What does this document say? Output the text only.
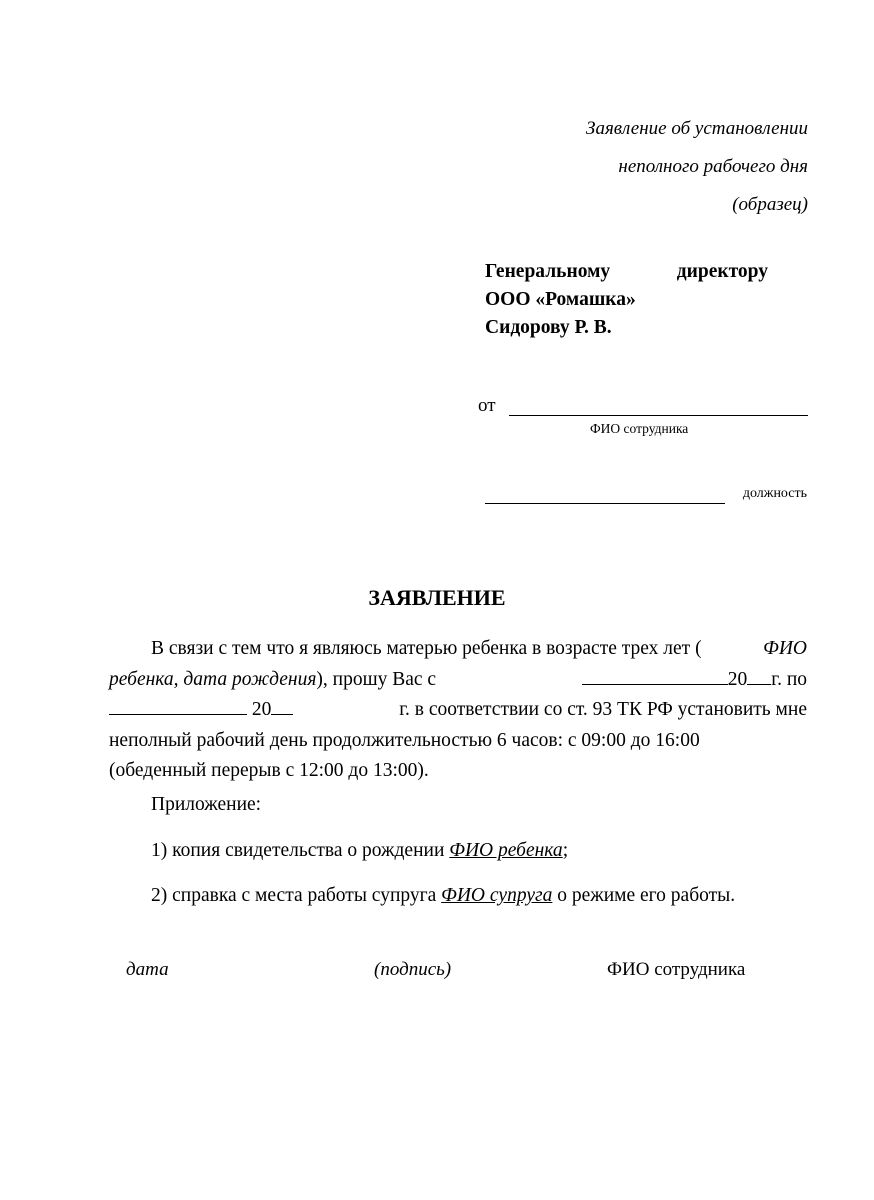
Заявление об установлении
неполного рабочего дня
(образец)
Генеральному	директору
ООО «Ромашка»
Сидорову Р. В.
от
ФИО сотрудника
должность
ЗАЯВЛЕНИЕ
В связи с тем что я являюсь матерью ребенка в возрасте трех лет (	ФИО
ребенка, дата рождения), прошу Вас с	20 г. по
20	г. в соответствии со ст. 93 ТК РФ установить мне
неполный рабочий день продолжительностью 6 часов: с 09:00 до 16:00
(обеденный перерыв с 12:00 до 13:00).
Приложение:
1) копия свидетельства о рождении ФИО ребенка;
2) справка с места работы супруга ФИО супруга о режиме его работы.
дата	(подпись)	ФИО сотрудника
